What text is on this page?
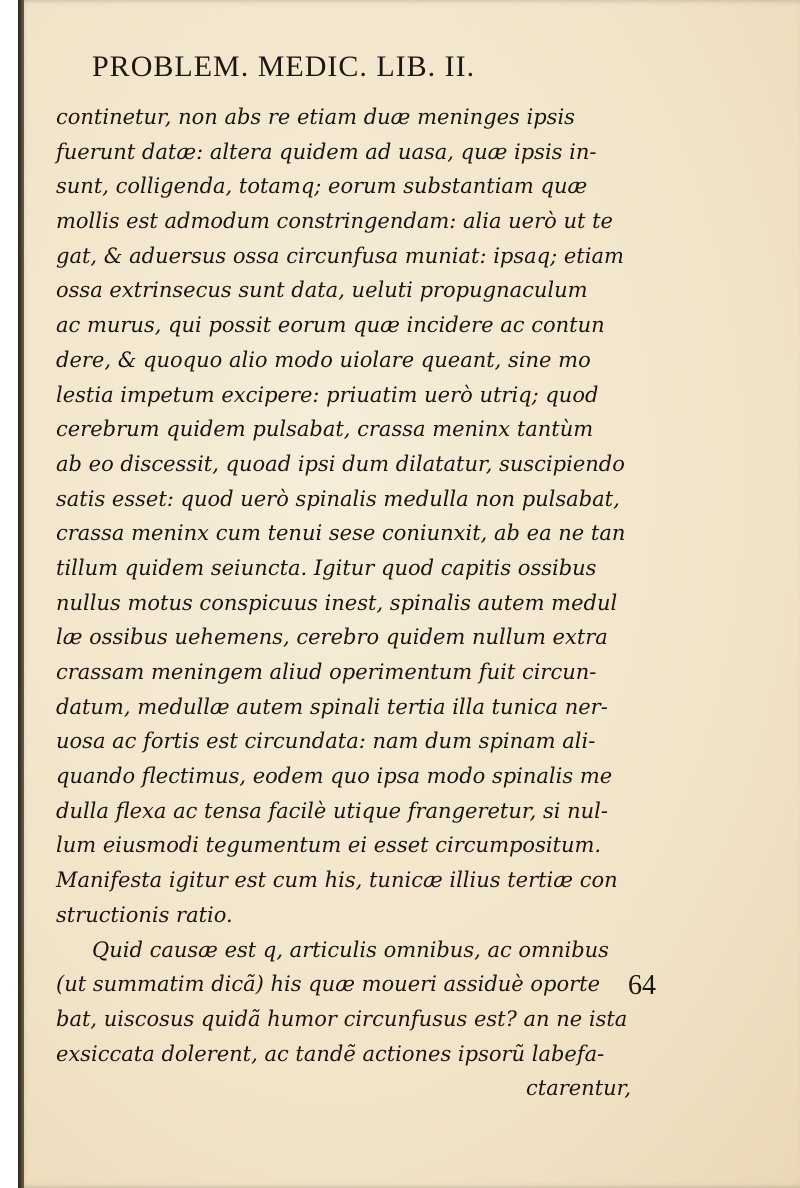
PROBLEM. MEDIC. LIB. II.
continetur, non abs re etiam duæ meninges ipsis
fuerunt datæ: altera quidem ad uasa, quæ ipsis in-
sunt, colligenda, totamq; eorum substantiam quæ
mollis est admodum constringendam: alia uerò ut te
gat, & aduersus ossa circunfusa muniat: ipsaq; etiam
ossa extrinsecus sunt data, ueluti propugnaculum
ac murus, qui possit eorum quæ incidere ac contun
dere, & quoquo alio modo uiolare queant, sine mo
lestia impetum excipere: priuatim uerò utriq; quod
cerebrum quidem pulsabat, crassa meninx tantùm
ab eo discessit, quoad ipsi dum dilatatur, suscipiendo
satis esset: quod uerò spinalis medulla non pulsabat,
crassa meninx cum tenui sese coniunxit, ab ea ne tan
tillum quidem seiuncta. Igitur quod capitis ossibus
nullus motus conspicuus inest, spinalis autem medul
læ ossibus uehemens, cerebro quidem nullum extra
crassam meningem aliud operimentum fuit circun-
datum, medullæ autem spinali tertia illa tunica ner-
uosa ac fortis est circundata: nam dum spinam ali-
quando flectimus, eodem quo ipsa modo spinalis me
dulla flexa ac tensa facilè utique frangeretur, si nul-
lum eiusmodi tegumentum ei esset circumpositum.
Manifesta igitur est cum his, tunicæ illius tertiæ con
structionis ratio.
Quid causæ est q, articulis omnibus, ac omnibus
(ut summatim dicã) his quæ moueri assiduè oporte
bat, uiscosus quidã humor circunfusus est? an ne ista
exsiccata dolerent, ac tandẽ actiones ipsorũ labefa-
ctarentur,
64
